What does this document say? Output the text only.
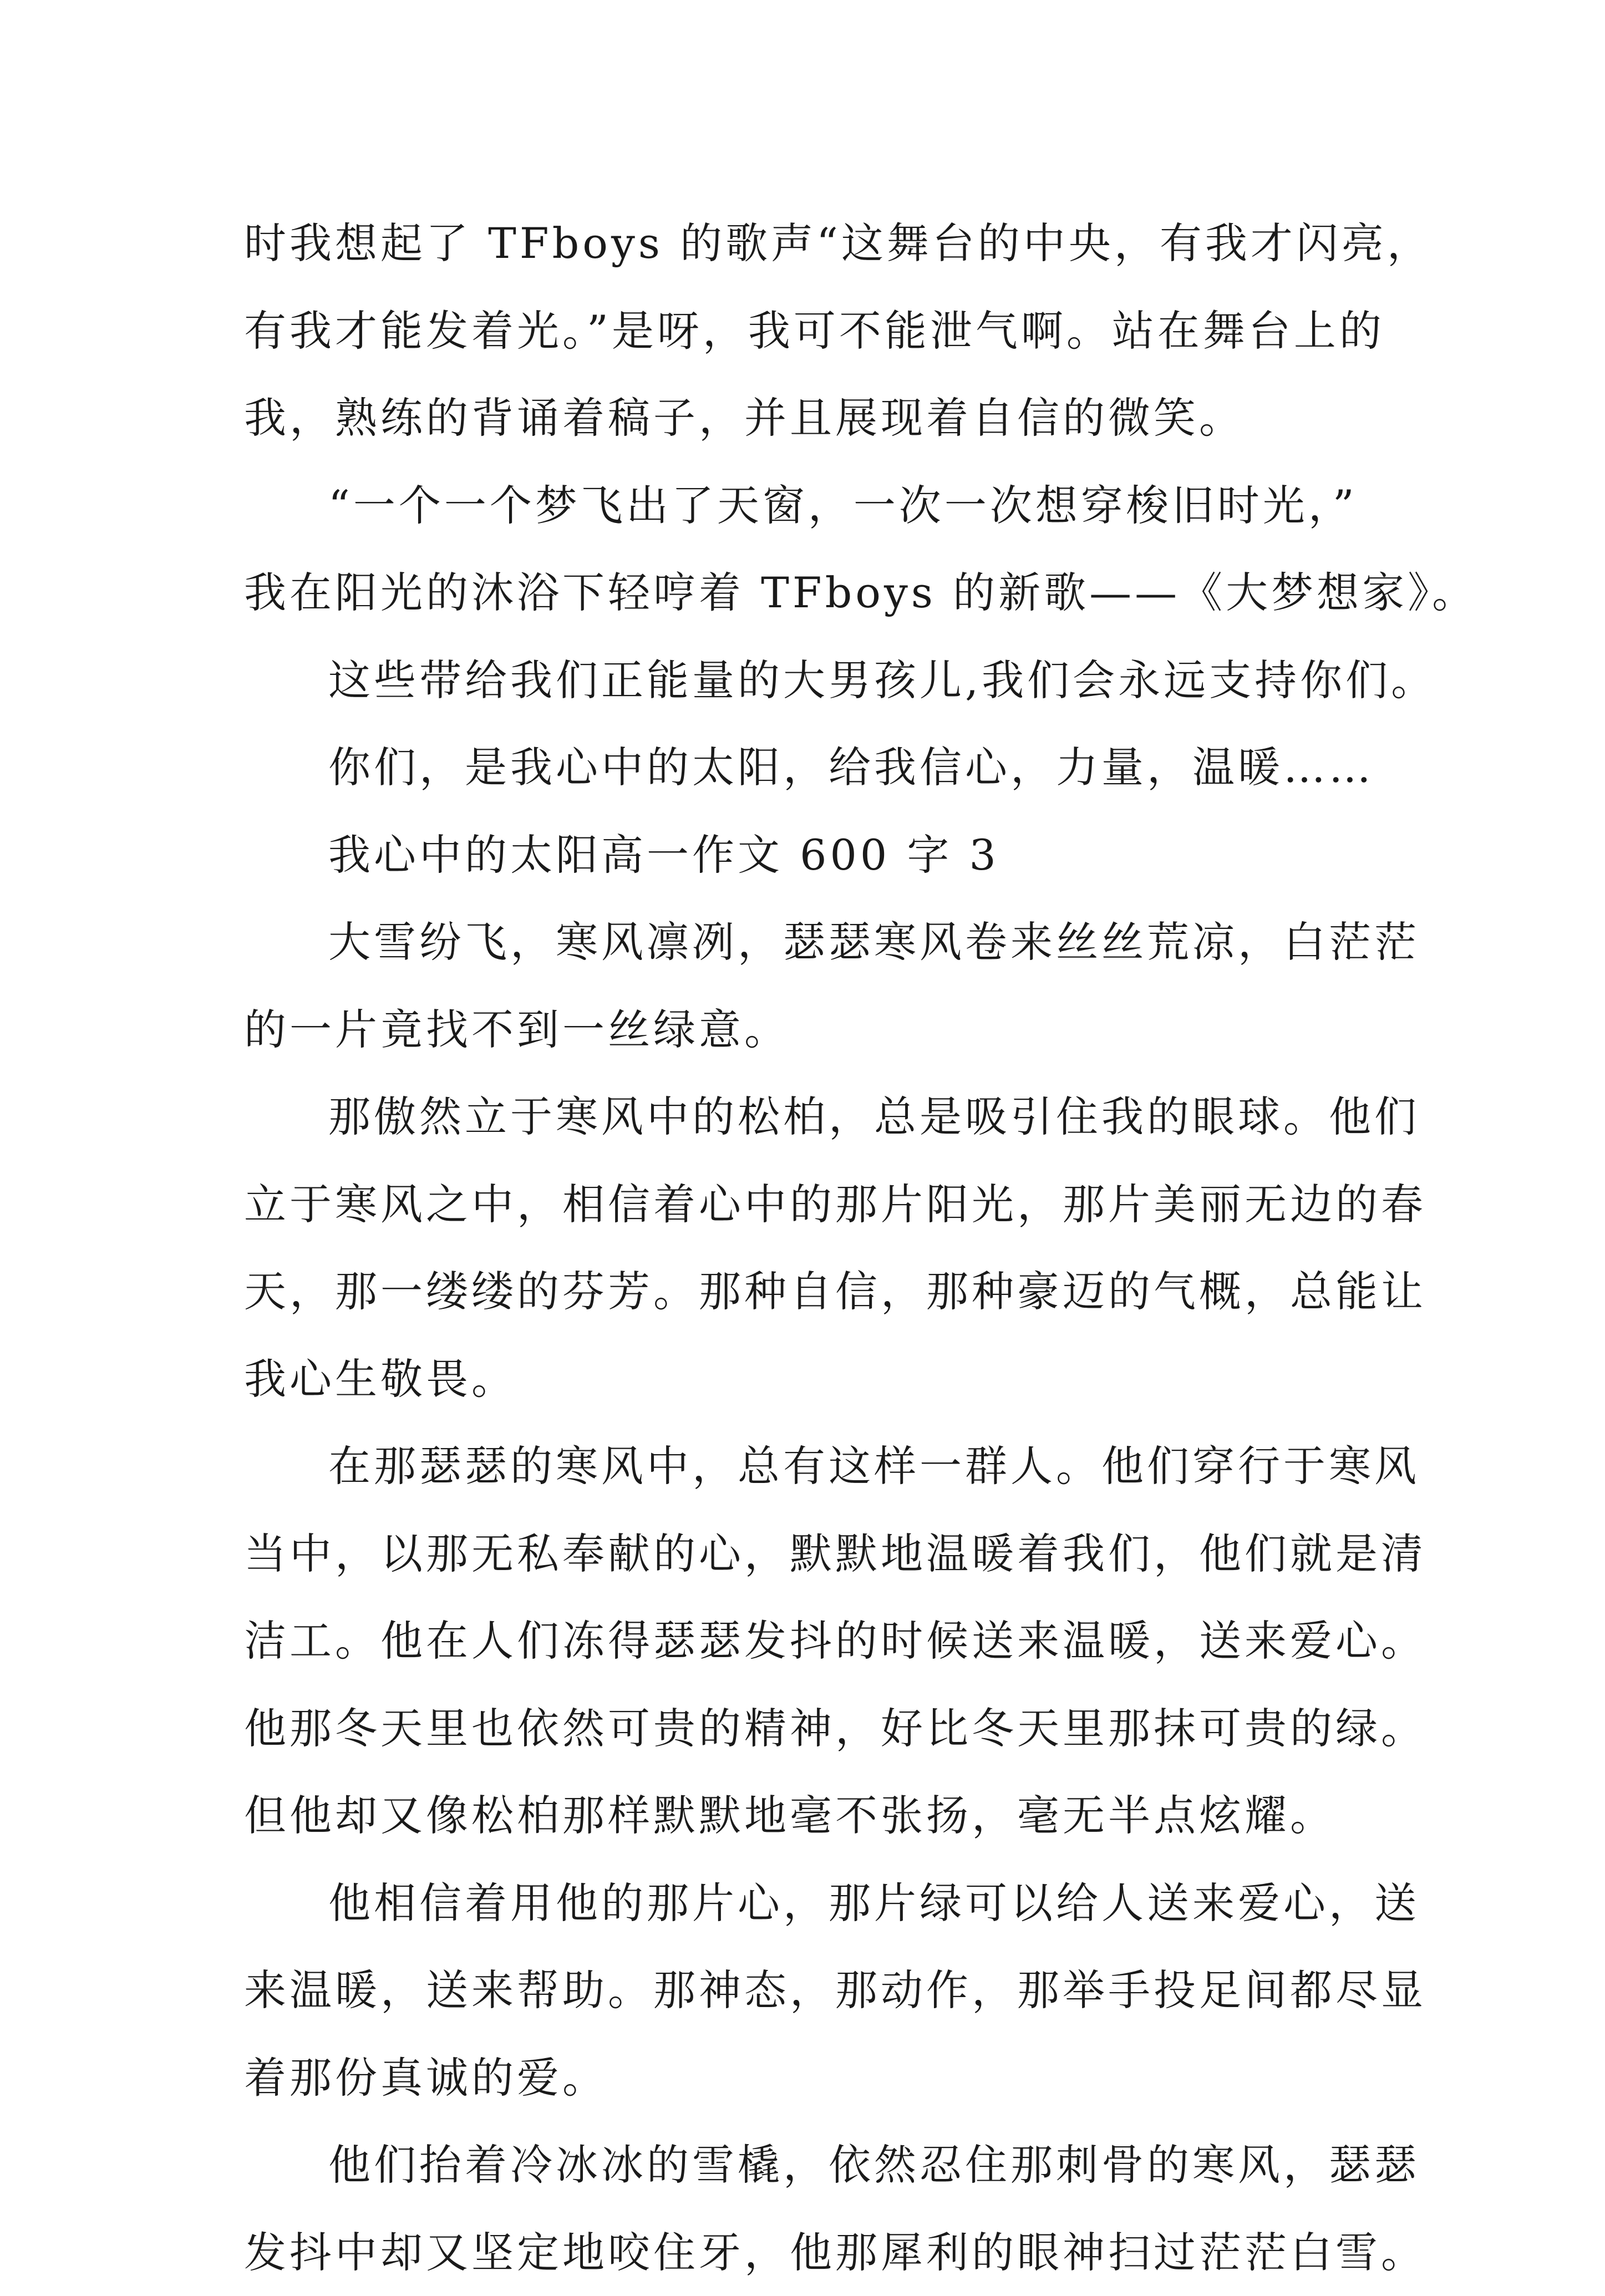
时我想起了 TFboys 的歌声“这舞台的中央，有我才闪亮，
有我才能发着光。”是呀，我可不能泄气啊。站在舞台上的
我，熟练的背诵着稿子，并且展现着自信的微笑。
“一个一个梦飞出了天窗，一次一次想穿梭旧时光，”
我在阳光的沐浴下轻哼着 TFboys 的新歌——《大梦想家》。
这些带给我们正能量的大男孩儿,我们会永远支持你们。
你们，是我心中的太阳，给我信心，力量，温暖……
我心中的太阳高一作文 600 字 3
大雪纷飞，寒风凛冽，瑟瑟寒风卷来丝丝荒凉，白茫茫
的一片竟找不到一丝绿意。
那傲然立于寒风中的松柏，总是吸引住我的眼球。他们
立于寒风之中，相信着心中的那片阳光，那片美丽无边的春
天，那一缕缕的芬芳。那种自信，那种豪迈的气概，总能让
我心生敬畏。
在那瑟瑟的寒风中，总有这样一群人。他们穿行于寒风
当中，以那无私奉献的心，默默地温暖着我们，他们就是清
洁工。他在人们冻得瑟瑟发抖的时候送来温暖，送来爱心。
他那冬天里也依然可贵的精神，好比冬天里那抹可贵的绿。
但他却又像松柏那样默默地毫不张扬，毫无半点炫耀。
他相信着用他的那片心，那片绿可以给人送来爱心，送
来温暖，送来帮助。那神态，那动作，那举手投足间都尽显
着那份真诚的爱。
他们抬着冷冰冰的雪橇，依然忍住那刺骨的寒风，瑟瑟
发抖中却又坚定地咬住牙，他那犀利的眼神扫过茫茫白雪。
